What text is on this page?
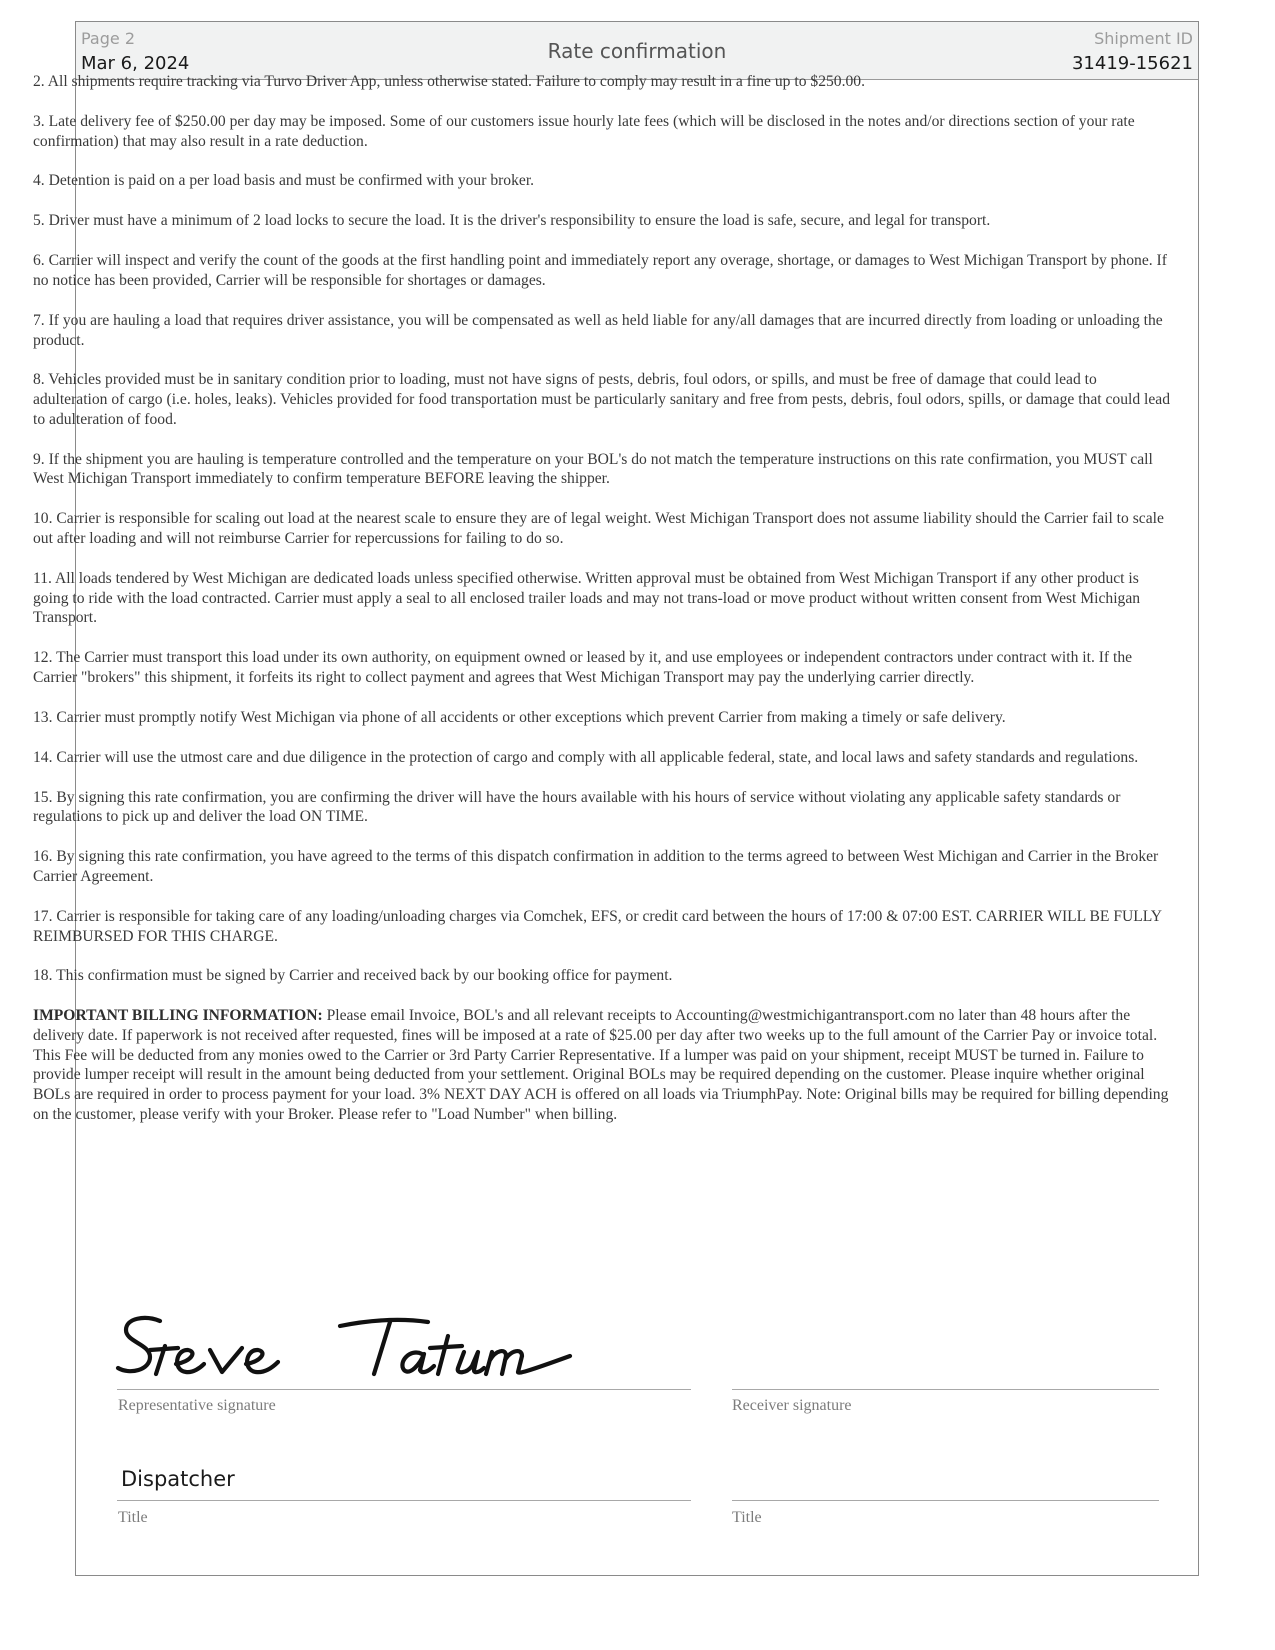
Page 2
Mar 6, 2024
Rate confirmation
Shipment ID
31419-15621

2. All shipments require tracking via Turvo Driver App, unless otherwise stated. Failure to comply may result in a fine up to $250.00.

3. Late delivery fee of $250.00 per day may be imposed. Some of our customers issue hourly late fees (which will be disclosed in the notes and/or directions section of your rate confirmation) that may also result in a rate deduction.

4. Detention is paid on a per load basis and must be confirmed with your broker.

5. Driver must have a minimum of 2 load locks to secure the load. It is the driver's responsibility to ensure the load is safe, secure, and legal for transport.

6. Carrier will inspect and verify the count of the goods at the first handling point and immediately report any overage, shortage, or damages to West Michigan Transport by phone. If no notice has been provided, Carrier will be responsible for shortages or damages.

7. If you are hauling a load that requires driver assistance, you will be compensated as well as held liable for any/all damages that are incurred directly from loading or unloading the product.

8. Vehicles provided must be in sanitary condition prior to loading, must not have signs of pests, debris, foul odors, or spills, and must be free of damage that could lead to adulteration of cargo (i.e. holes, leaks). Vehicles provided for food transportation must be particularly sanitary and free from pests, debris, foul odors, spills, or damage that could lead to adulteration of food.

9. If the shipment you are hauling is temperature controlled and the temperature on your BOL's do not match the temperature instructions on this rate confirmation, you MUST call West Michigan Transport immediately to confirm temperature BEFORE leaving the shipper.

10. Carrier is responsible for scaling out load at the nearest scale to ensure they are of legal weight. West Michigan Transport does not assume liability should the Carrier fail to scale out after loading and will not reimburse Carrier for repercussions for failing to do so.

11. All loads tendered by West Michigan are dedicated loads unless specified otherwise. Written approval must be obtained from West Michigan Transport if any other product is going to ride with the load contracted. Carrier must apply a seal to all enclosed trailer loads and may not trans-load or move product without written consent from West Michigan Transport.

12. The Carrier must transport this load under its own authority, on equipment owned or leased by it, and use employees or independent contractors under contract with it. If the Carrier "brokers" this shipment, it forfeits its right to collect payment and agrees that West Michigan Transport may pay the underlying carrier directly.

13. Carrier must promptly notify West Michigan via phone of all accidents or other exceptions which prevent Carrier from making a timely or safe delivery.

14. Carrier will use the utmost care and due diligence in the protection of cargo and comply with all applicable federal, state, and local laws and safety standards and regulations.

15. By signing this rate confirmation, you are confirming the driver will have the hours available with his hours of service without violating any applicable safety standards or regulations to pick up and deliver the load ON TIME.

16. By signing this rate confirmation, you have agreed to the terms of this dispatch confirmation in addition to the terms agreed to between West Michigan and Carrier in the Broker Carrier Agreement.

17. Carrier is responsible for taking care of any loading/unloading charges via Comchek, EFS, or credit card between the hours of 17:00 & 07:00 EST. CARRIER WILL BE FULLY REIMBURSED FOR THIS CHARGE.

18. This confirmation must be signed by Carrier and received back by our booking office for payment.

IMPORTANT BILLING INFORMATION: Please email Invoice, BOL's and all relevant receipts to Accounting@westmichigantransport.com no later than 48 hours after the delivery date. If paperwork is not received after requested, fines will be imposed at a rate of $25.00 per day after two weeks up to the full amount of the Carrier Pay or invoice total. This Fee will be deducted from any monies owed to the Carrier or 3rd Party Carrier Representative. If a lumper was paid on your shipment, receipt MUST be turned in. Failure to provide lumper receipt will result in the amount being deducted from your settlement. Original BOLs may be required depending on the customer. Please inquire whether original BOLs are required in order to process payment for your load. 3% NEXT DAY ACH is offered on all loads via TriumphPay. Note: Original bills may be required for billing depending on the customer, please verify with your Broker. Please refer to "Load Number" when billing.

Representative signature	Receiver signature
Dispatcher
Title	Title
